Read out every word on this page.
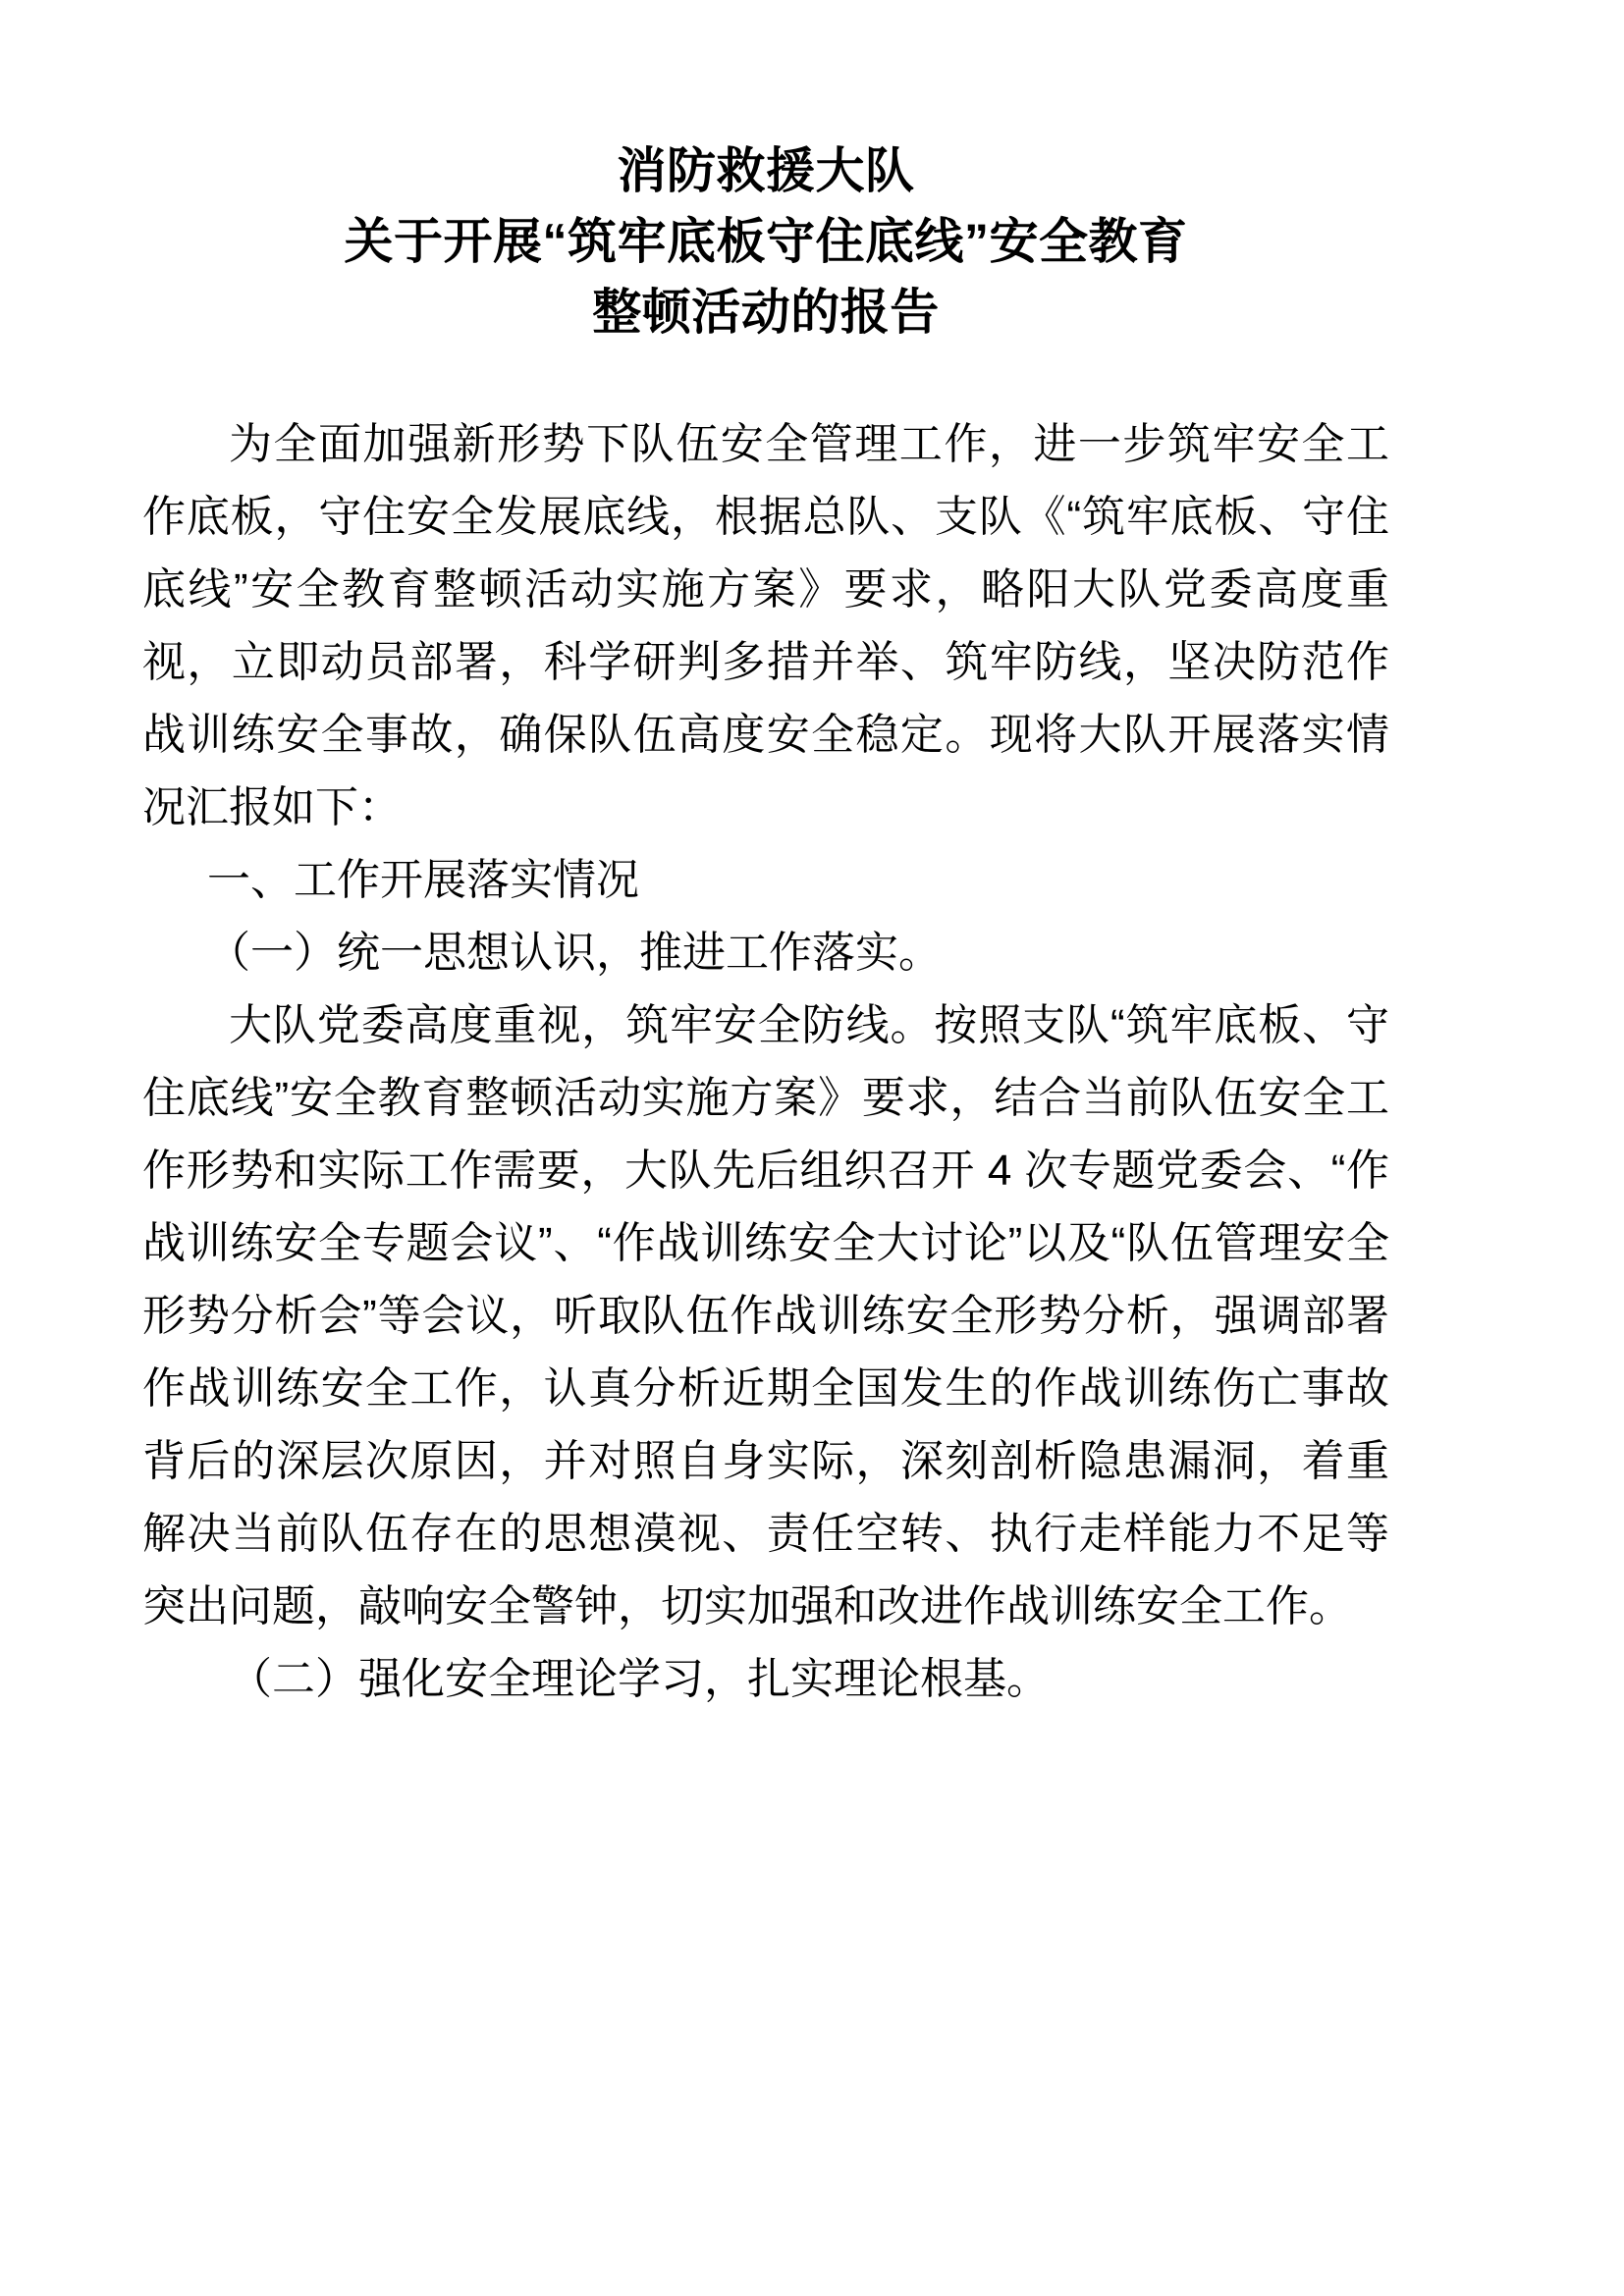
消防救援大队
关于开展“筑牢底板守住底线”安全教育
整顿活动的报告

为全面加强新形势下队伍安全管理工作，进一步筑牢安全工作底板，守住安全发展底线，根据总队、支队《“筑牢底板、守住底线”安全教育整顿活动实施方案》要求，略阳大队党委高度重视，立即动员部署，科学研判多措并举、筑牢防线，坚决防范作战训练安全事故，确保队伍高度安全稳定。现将大队开展落实情况汇报如下：

一、工作开展落实情况

（一）统一思想认识，推进工作落实。

大队党委高度重视，筑牢安全防线。按照支队“筑牢底板、守住底线”安全教育整顿活动实施方案》要求，结合当前队伍安全工作形势和实际工作需要，大队先后组织召开 4 次专题党委会、“作战训练安全专题会议”、“作战训练安全大讨论”以及“队伍管理安全形势分析会”等会议，听取队伍作战训练安全形势分析，强调部署作战训练安全工作，认真分析近期全国发生的作战训练伤亡事故背后的深层次原因，并对照自身实际，深刻剖析隐患漏洞，着重解决当前队伍存在的思想漠视、责任空转、执行走样能力不足等突出问题，敲响安全警钟，切实加强和改进作战训练安全工作。

（二）强化安全理论学习，扎实理论根基。
